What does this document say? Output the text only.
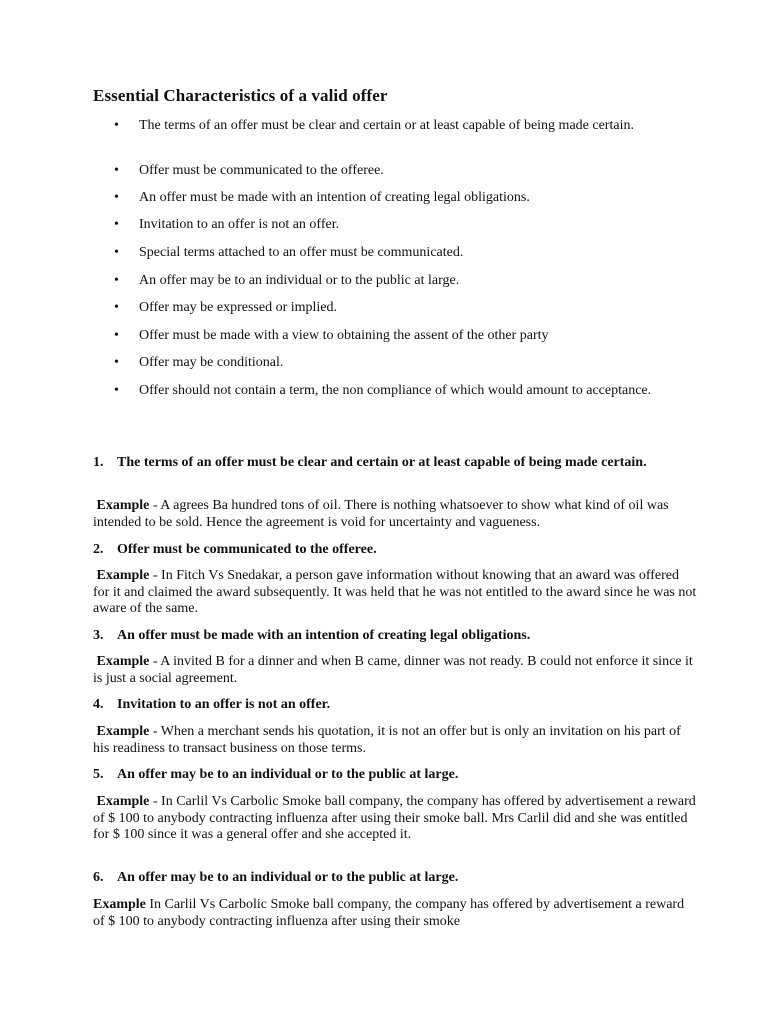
Essential Characteristics of a valid offer
• The terms of an offer must be clear and certain or at least capable of being made certain.
• Offer must be communicated to the offeree.
• An offer must be made with an intention of creating legal obligations.
• Invitation to an offer is not an offer.
• Special terms attached to an offer must be communicated.
• An offer may be to an individual or to the public at large.
• Offer may be expressed or implied.
• Offer must be made with a view to obtaining the assent of the other party
• Offer may be conditional.
• Offer should not contain a term, the non compliance of which would amount to acceptance.
1. The terms of an offer must be clear and certain or at least capable of being made certain.
Example - A agrees Ba hundred tons of oil. There is nothing whatsoever to show what kind of oil was intended to be sold. Hence the agreement is void for uncertainty and vagueness.
2. Offer must be communicated to the offeree.
Example - In Fitch Vs Snedakar, a person gave information without knowing that an award was offered for it and claimed the award subsequently. It was held that he was not entitled to the award since he was not aware of the same.
3. An offer must be made with an intention of creating legal obligations.
Example - A invited B for a dinner and when B came, dinner was not ready. B could not enforce it since it is just a social agreement.
4. Invitation to an offer is not an offer.
Example - When a merchant sends his quotation, it is not an offer but is only an invitation on his part of his readiness to transact business on those terms.
5. An offer may be to an individual or to the public at large.
Example - In Carlil Vs Carbolic Smoke ball company, the company has offered by advertisement a reward of $ 100 to anybody contracting influenza after using their smoke ball. Mrs Carlil did and she was entitled for $ 100 since it was a general offer and she accepted it.
6. An offer may be to an individual or to the public at large.
Example In Carlil Vs Carbolic Smoke ball company, the company has offered by advertisement a reward of $ 100 to anybody contracting influenza after using their smoke
